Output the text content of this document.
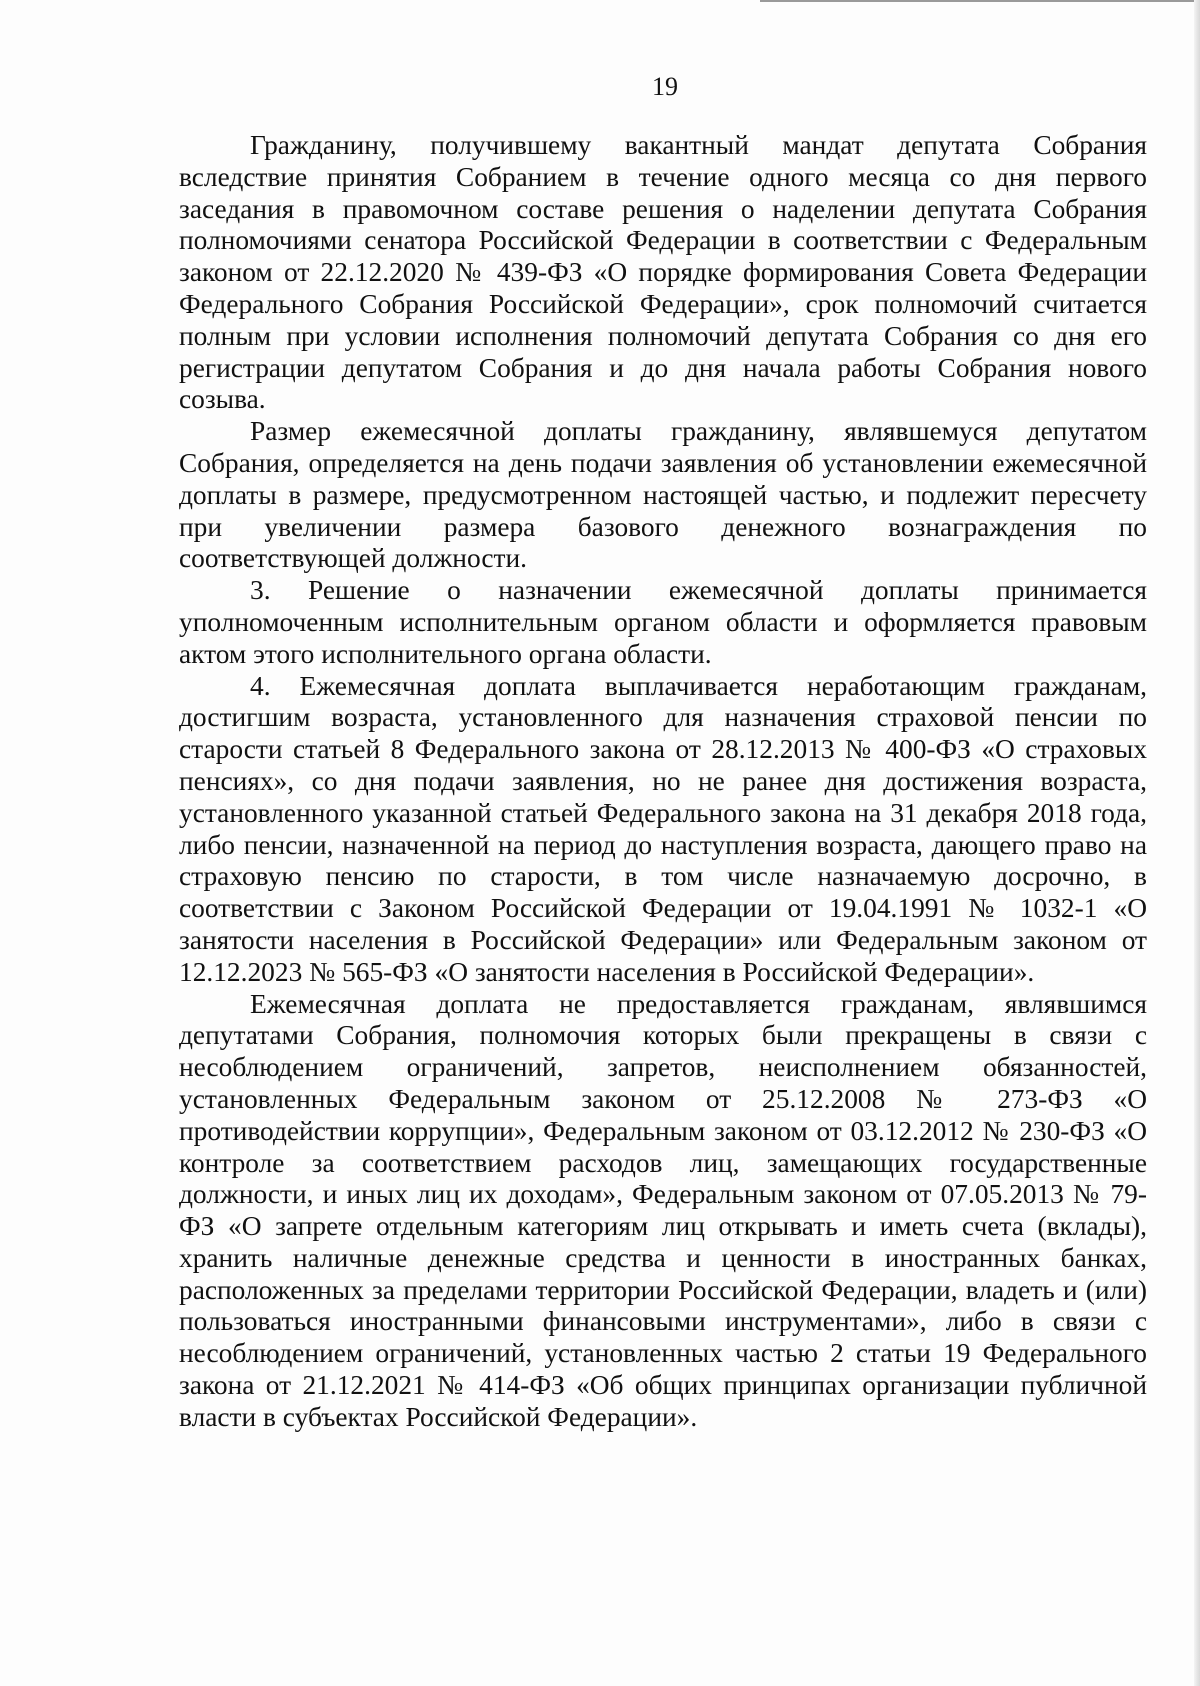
19

Гражданину, получившему вакантный мандат депутата Собрания вследствие принятия Собранием в течение одного месяца со дня первого заседания в правомочном составе решения о наделении депутата Собрания полномочиями сенатора Российской Федерации в соответствии с Федеральным законом от 22.12.2020 № 439-ФЗ «О порядке формирования Совета Федерации Федерального Собрания Российской Федерации», срок полномочий считается полным при условии исполнения полномочий депутата Собрания со дня его регистрации депутатом Собрания и до дня начала работы Собрания нового созыва.

Размер ежемесячной доплаты гражданину, являвшемуся депутатом Собрания, определяется на день подачи заявления об установлении ежемесячной доплаты в размере, предусмотренном настоящей частью, и подлежит пересчету при увеличении размера базового денежного вознаграждения по соответствующей должности.

3. Решение о назначении ежемесячной доплаты принимается уполномоченным исполнительным органом области и оформляется правовым актом этого исполнительного органа области.

4. Ежемесячная доплата выплачивается неработающим гражданам, достигшим возраста, установленного для назначения страховой пенсии по старости статьей 8 Федерального закона от 28.12.2013 № 400-ФЗ «О страховых пенсиях», со дня подачи заявления, но не ранее дня достижения возраста, установленного указанной статьей Федерального закона на 31 декабря 2018 года, либо пенсии, назначенной на период до наступления возраста, дающего право на страховую пенсию по старости, в том числе назначаемую досрочно, в соответствии с Законом Российской Федерации от 19.04.1991 № 1032-1 «О занятости населения в Российской Федерации» или Федеральным законом от 12.12.2023 № 565-ФЗ «О занятости населения в Российской Федерации».

Ежемесячная доплата не предоставляется гражданам, являвшимся депутатами Собрания, полномочия которых были прекращены в связи с несоблюдением ограничений, запретов, неисполнением обязанностей, установленных Федеральным законом от 25.12.2008 № 273-ФЗ «О противодействии коррупции», Федеральным законом от 03.12.2012 № 230-ФЗ «О контроле за соответствием расходов лиц, замещающих государственные должности, и иных лиц их доходам», Федеральным законом от 07.05.2013 № 79-ФЗ «О запрете отдельным категориям лиц открывать и иметь счета (вклады), хранить наличные денежные средства и ценности в иностранных банках, расположенных за пределами территории Российской Федерации, владеть и (или) пользоваться иностранными финансовыми инструментами», либо в связи с несоблюдением ограничений, установленных частью 2 статьи 19 Федерального закона от 21.12.2021 № 414-ФЗ «Об общих принципах организации публичной власти в субъектах Российской Федерации».
